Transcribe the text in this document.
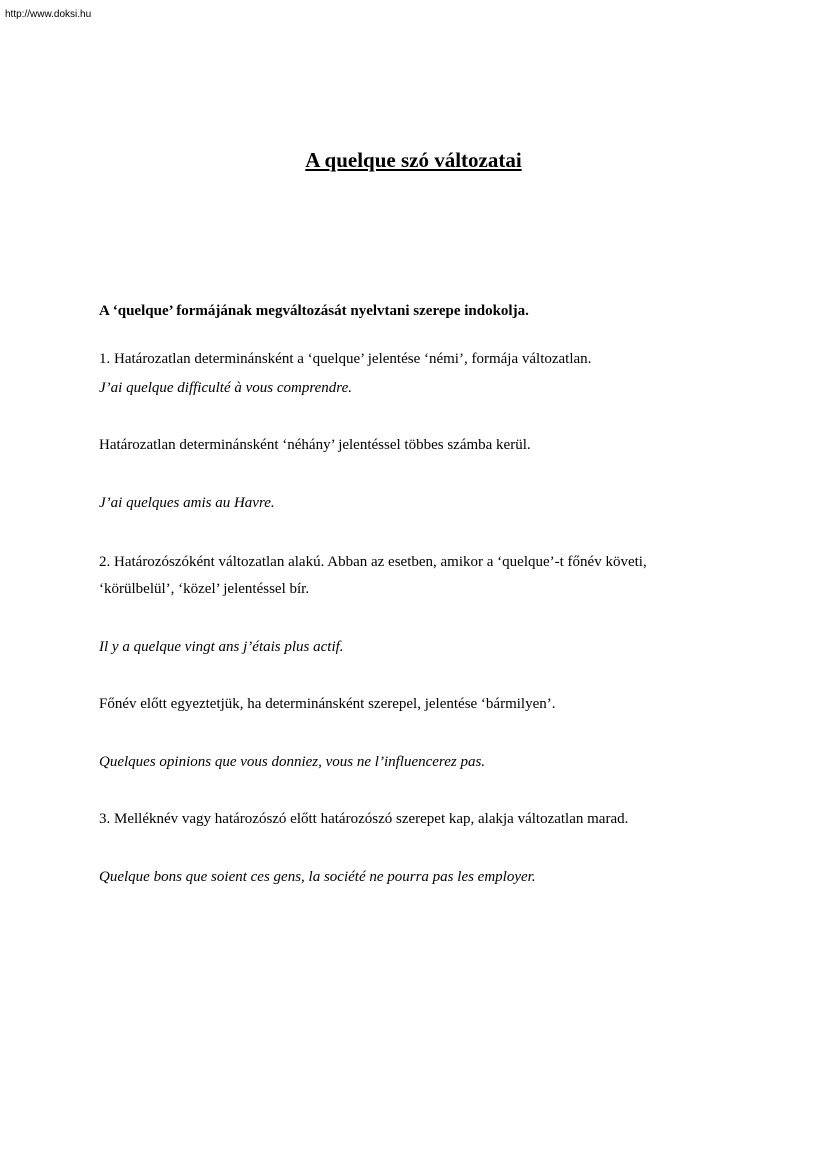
http://www.doksi.hu
A quelque szó változatai

A ‘quelque’ formájának megváltozását nyelvtani szerepe indokolja.

1. Határozatlan determinánsként a ‘quelque’ jelentése ‘némi’, formája változatlan.

J’ai quelque difficulté à vous comprendre.

Határozatlan determinánsként ‘néhány’ jelentéssel többes számba kerül.

J’ai quelques amis au Havre.

2. Határozószóként változatlan alakú. Abban az esetben, amikor a ‘quelque’-t főnév követi,

‘körülbelül’, ‘közel’ jelentéssel bír.

Il y a quelque vingt ans j’étais plus actif.

Főnév előtt egyeztetjük, ha determinánsként szerepel, jelentése ‘bármilyen’.

Quelques opinions que vous donniez, vous ne l’influencerez pas.

3. Melléknév vagy határozószó előtt határozószó szerepet kap, alakja változatlan marad.

Quelque bons que soient ces gens, la société ne pourra pas les employer.
